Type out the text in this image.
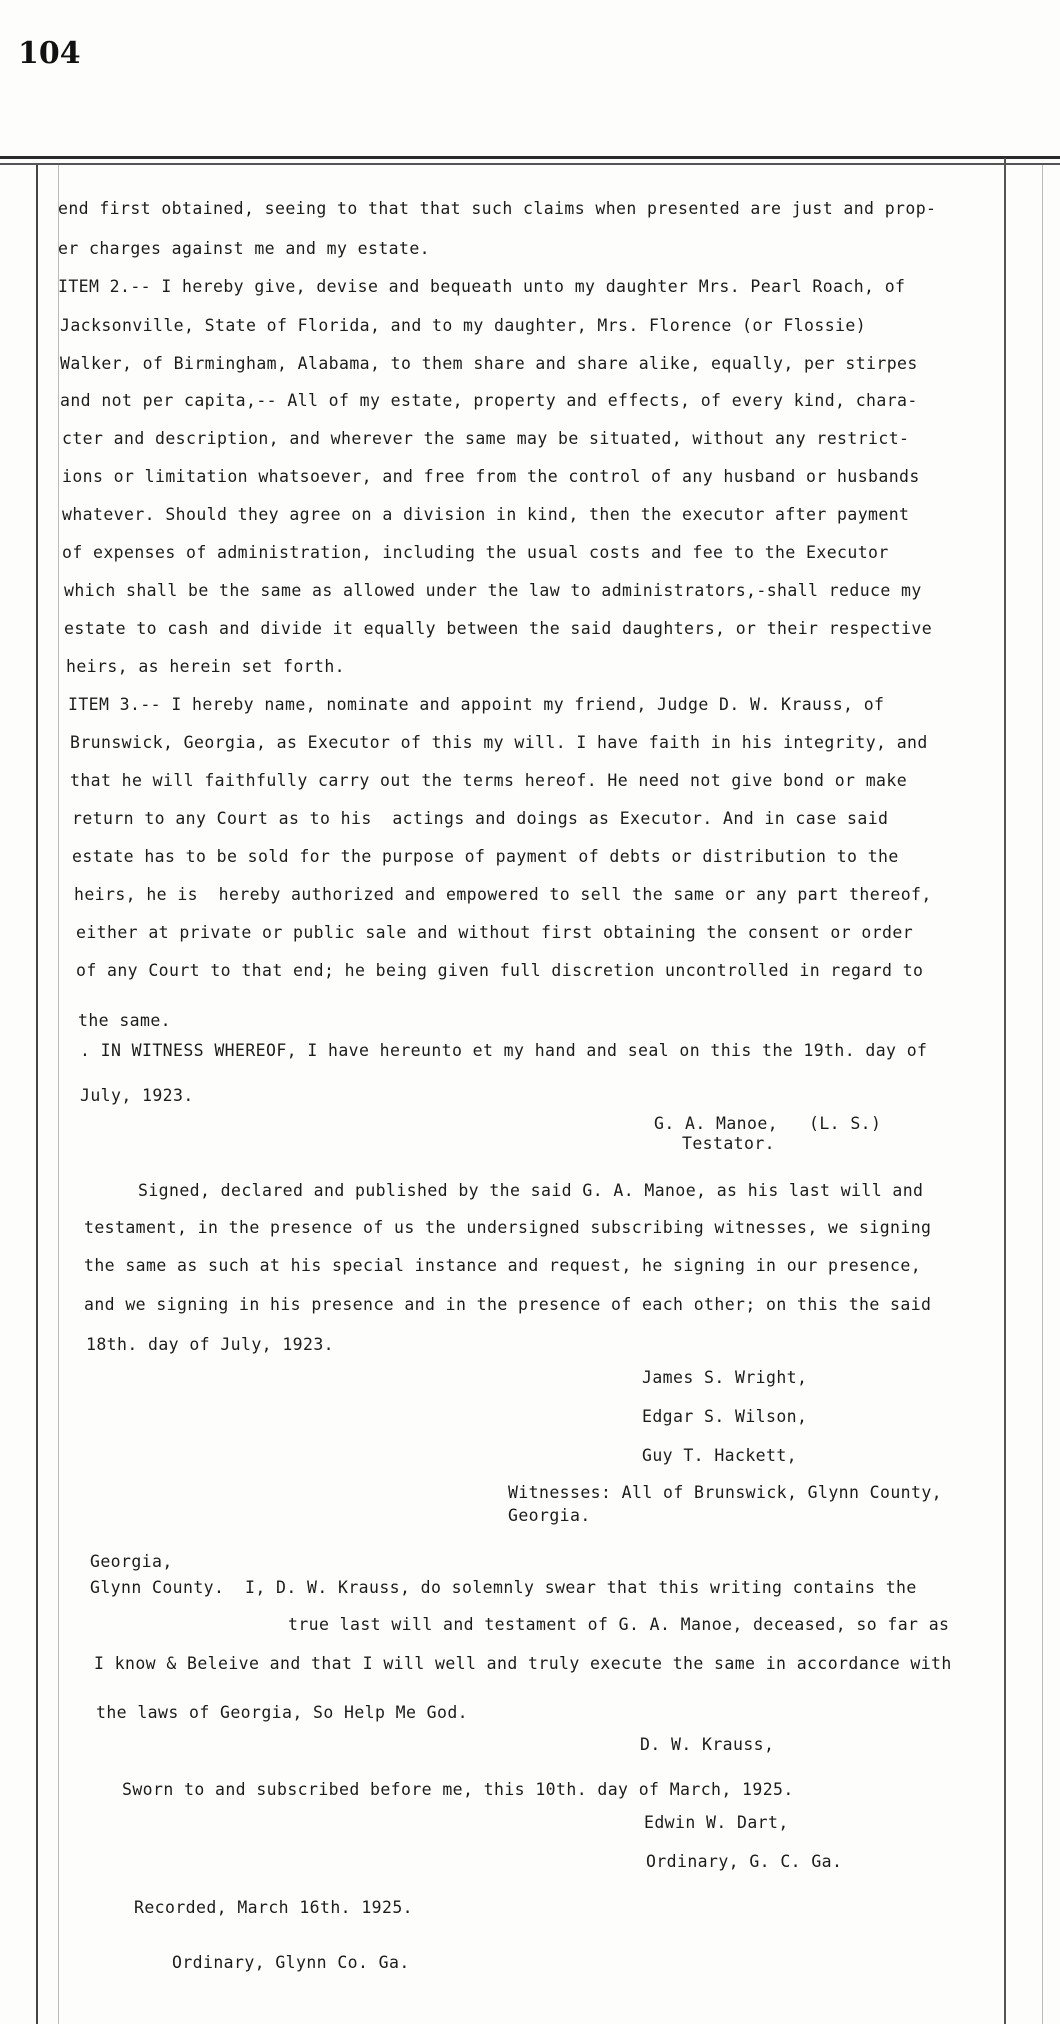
104
end first obtained, seeing to that that such claims when presented are just and prop-
er charges against me and my estate.
ITEM 2.-- I hereby give, devise and bequeath unto my daughter Mrs. Pearl Roach, of
Jacksonville, State of Florida, and to my daughter, Mrs. Florence (or Flossie)
Walker, of Birmingham, Alabama, to them share and share alike, equally, per stirpes
and not per capita,-- All of my estate, property and effects, of every kind, chara-
cter and description, and wherever the same may be situated, without any restrict-
ions or limitation whatsoever, and free from the control of any husband or husbands
whatever. Should they agree on a division in kind, then the executor after payment
of expenses of administration, including the usual costs and fee to the Executor
which shall be the same as allowed under the law to administrators,-shall reduce my
estate to cash and divide it equally between the said daughters, or their respective
heirs, as herein set forth.
ITEM 3.-- I hereby name, nominate and appoint my friend, Judge D. W. Krauss, of
Brunswick, Georgia, as Executor of this my will. I have faith in his integrity, and
that he will faithfully carry out the terms hereof. He need not give bond or make
return to any Court as to his  actings and doings as Executor. And in case said
estate has to be sold for the purpose of payment of debts or distribution to the
heirs, he is  hereby authorized and empowered to sell the same or any part thereof,
either at private or public sale and without first obtaining the consent or order
of any Court to that end; he being given full discretion uncontrolled in regard to
the same.
. IN WITNESS WHEREOF, I have hereunto et my hand and seal on this the 19th. day of
July, 1923.
G. A. Manoe,   (L. S.)
Testator.
Signed, declared and published by the said G. A. Manoe, as his last will and
testament, in the presence of us the undersigned subscribing witnesses, we signing
the same as such at his special instance and request, he signing in our presence,
and we signing in his presence and in the presence of each other; on this the said
18th. day of July, 1923.
James S. Wright,
Edgar S. Wilson,
Guy T. Hackett,
Witnesses: All of Brunswick, Glynn County,
Georgia.
Georgia,
Glynn County.  I, D. W. Krauss, do solemnly swear that this writing contains the
true last will and testament of G. A. Manoe, deceased, so far as
I know & Beleive and that I will well and truly execute the same in accordance with
the laws of Georgia, So Help Me God.
D. W. Krauss,
Sworn to and subscribed before me, this 10th. day of March, 1925.
Edwin W. Dart,
Ordinary, G. C. Ga.
Recorded, March 16th. 1925.
Ordinary, Glynn Co. Ga.
